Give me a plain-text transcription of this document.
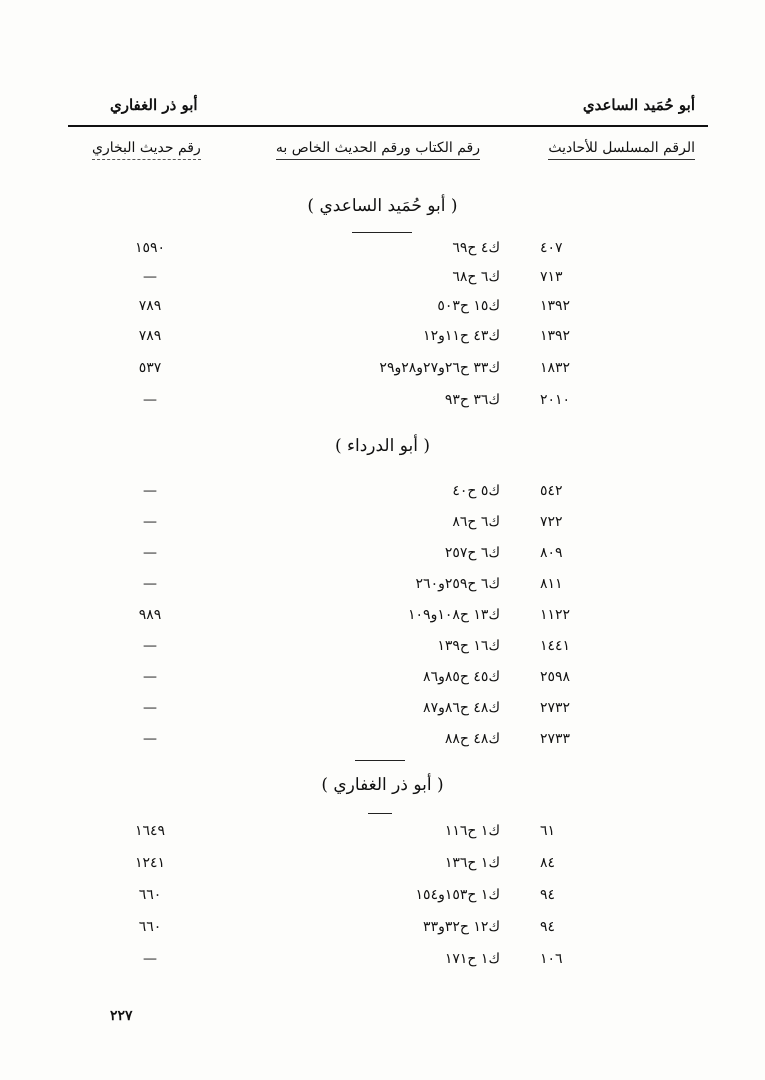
أبو حُمَيد الساعدي
أبو ذر الغفاري
الرقم المسلسل للأحاديث
رقم الكتاب ورقم الحديث الخاص به
رقم حديث البخاري
( أبو حُمَيد الساعدي )
٤٠٧
ك٤ ح٦٩
١٥٩٠
٧١٣
ك٦ ح٦٨
—
١٣٩٢
ك١٥ ح٥٠٣
٧٨٩
١٣٩٢
ك٤٣ ح١١و١٢
٧٨٩
١٨٣٢
ك٣٣ ح٢٦و٢٧و٢٨و٢٩
٥٣٧
٢٠١٠
ك٣٦ ح٩٣
—
( أبو الدرداء )
٥٤٢
ك٥ ح٤٠
—
٧٢٢
ك٦ ح٨٦
—
٨٠٩
ك٦ ح٢٥٧
—
٨١١
ك٦ ح٢٥٩و٢٦٠
—
١١٢٢
ك١٣ ح١٠٨و١٠٩
٩٨٩
١٤٤١
ك١٦ ح١٣٩
—
٢٥٩٨
ك٤٥ ح٨٥و٨٦
—
٢٧٣٢
ك٤٨ ح٨٦و٨٧
—
٢٧٣٣
ك٤٨ ح٨٨
—
( أبو ذر الغفاري )
٦١
ك١ ح١١٦
١٦٤٩
٨٤
ك١ ح١٣٦
١٢٤١
٩٤
ك١ ح١٥٣و١٥٤
٦٦٠
٩٤
ك١٢ ح٣٢و٣٣
٦٦٠
١٠٦
ك١ ح١٧١
—
٢٢٧
